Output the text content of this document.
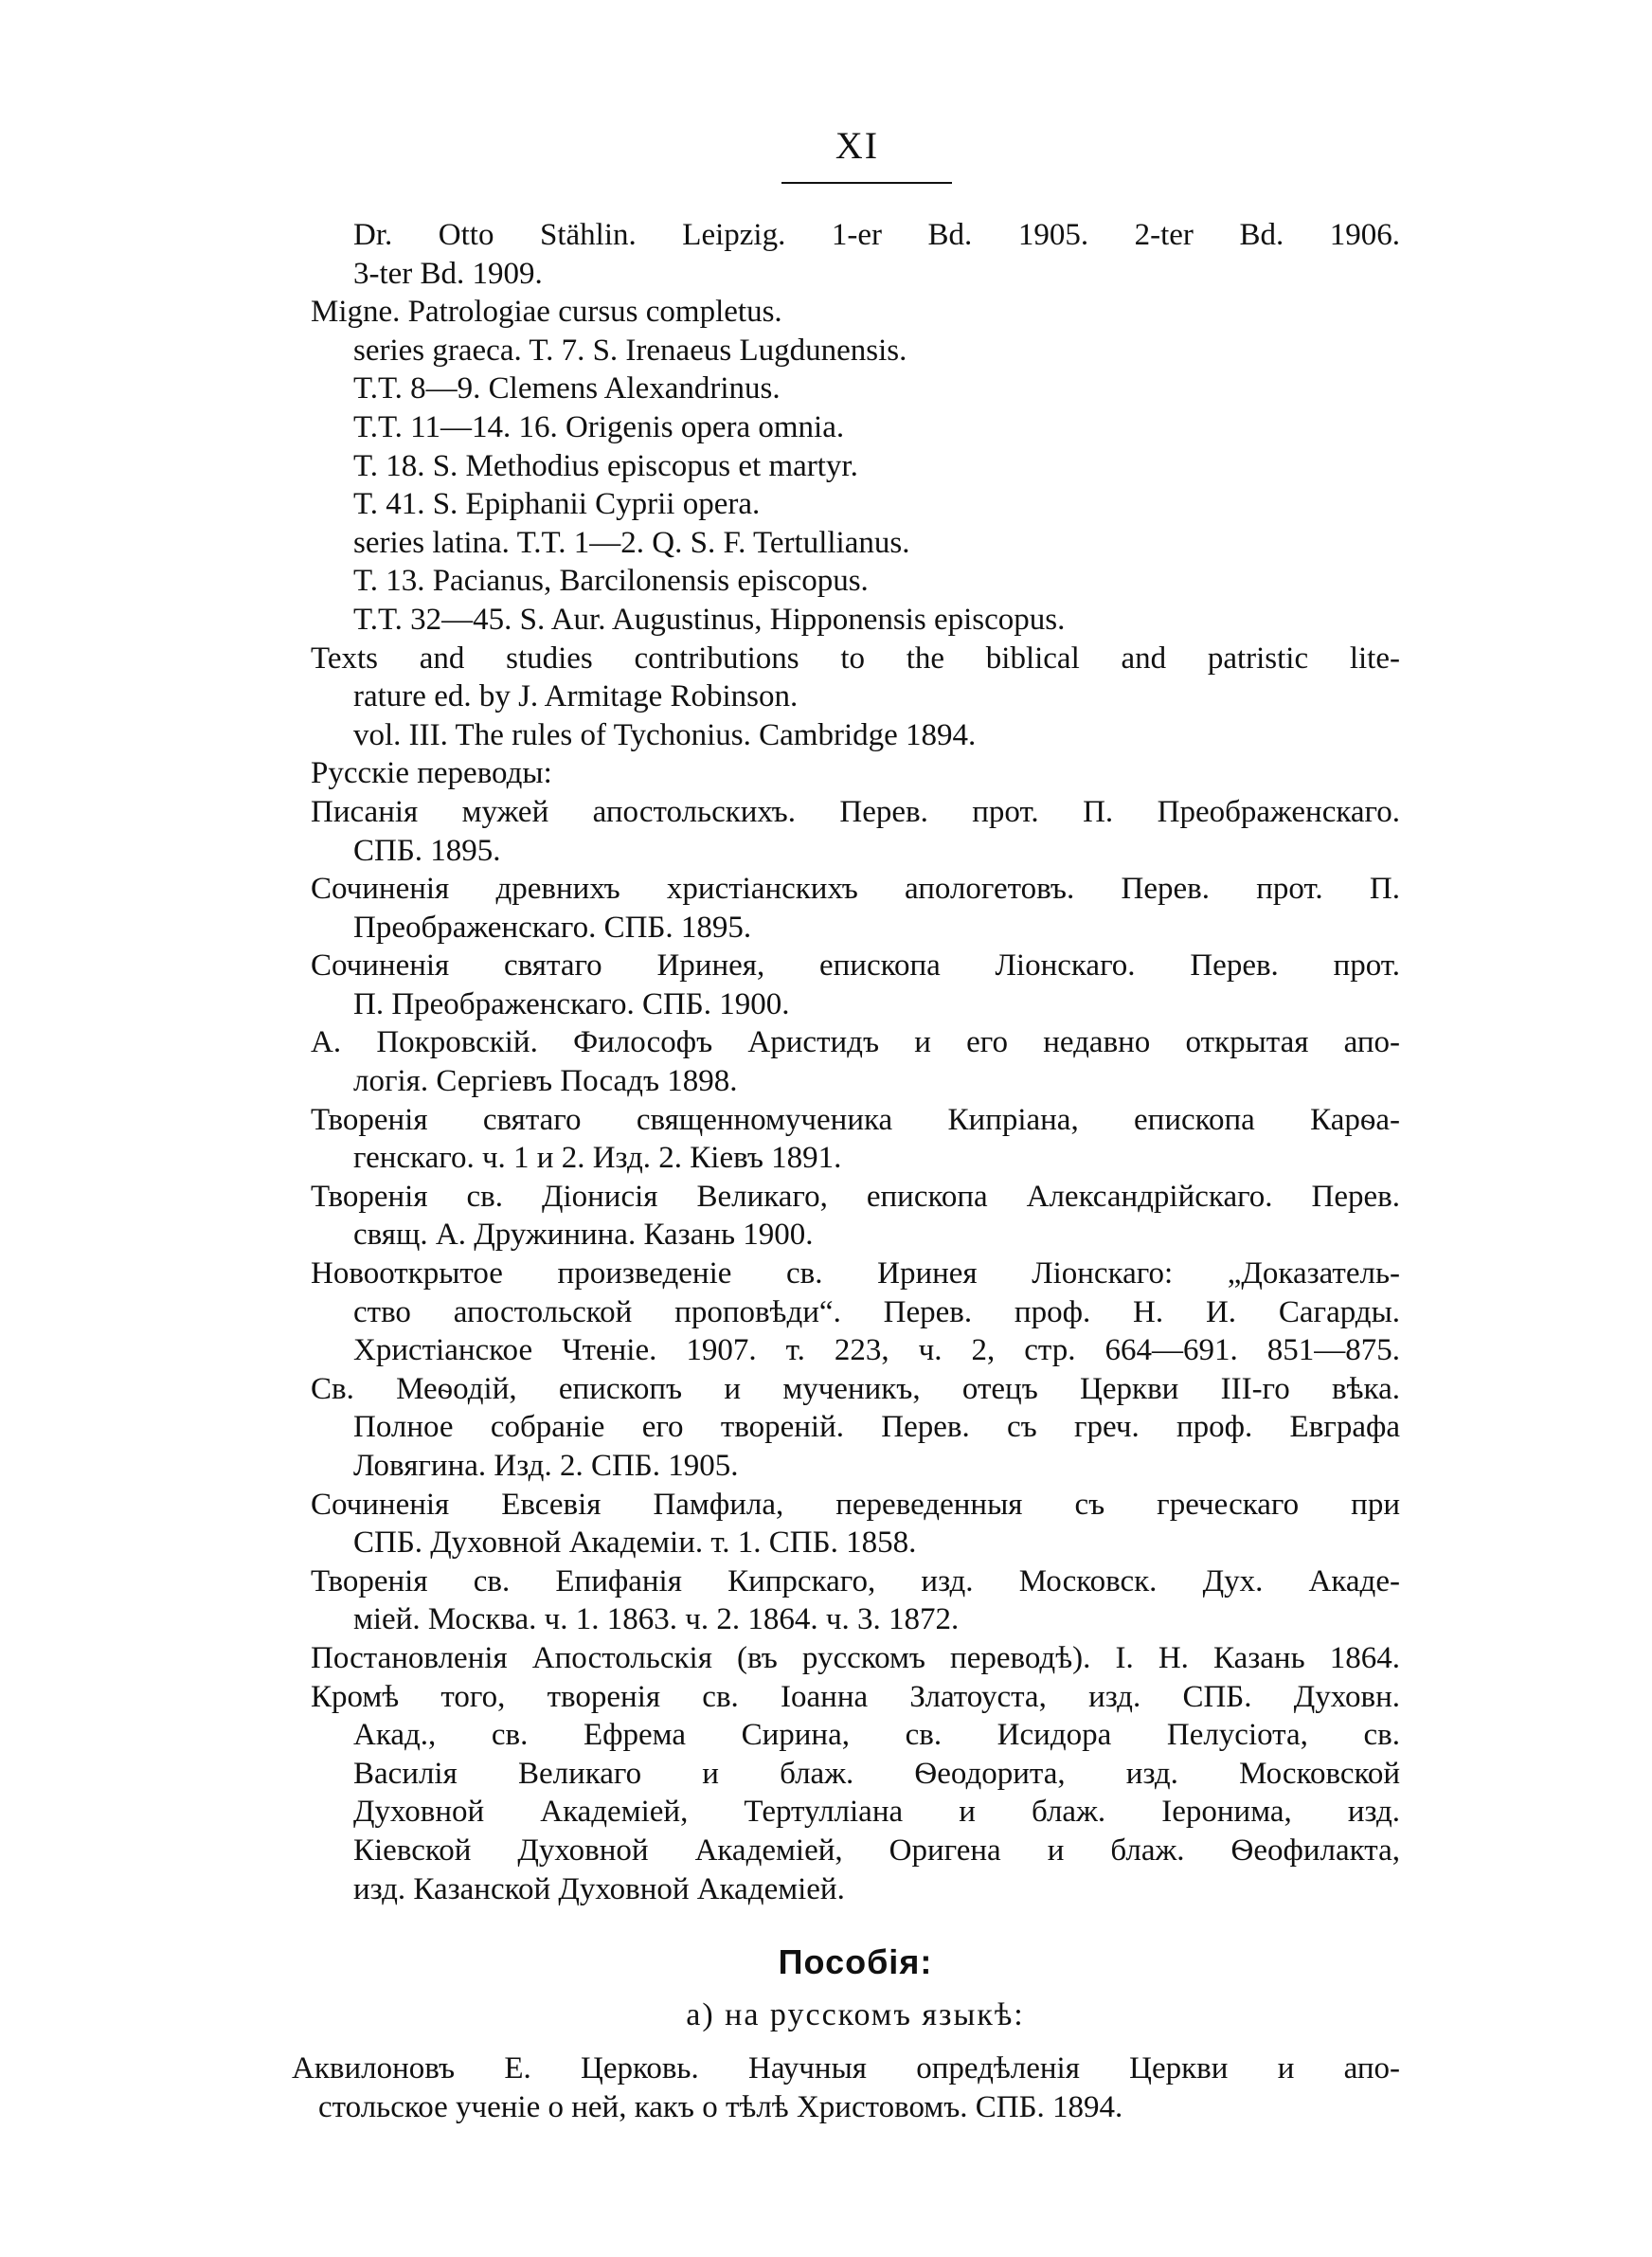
XI
Dr. Otto Stählin. Leipzig. 1-er Bd. 1905. 2-ter Bd. 1906.
3-ter Bd. 1909.
Migne. Patrologiae cursus completus.
series graeca. T. 7. S. Irenaeus Lugdunensis.
T.T. 8—9. Clemens Alexandrinus.
T.T. 11—14. 16. Origenis opera omnia.
T. 18. S. Methodius episcopus et martyr.
T. 41. S. Epiphanii Cyprii opera.
series latina. T.T. 1—2. Q. S. F. Tertullianus.
T. 13. Pacianus, Barcilonensis episcopus.
T.T. 32—45. S. Aur. Augustinus, Hipponensis episcopus.
Texts and studies contributions to the biblical and patristic lite-
rature ed. by J. Armitage Robinson.
vol. III. The rules of Tychonius. Cambridge 1894.
Русскіе переводы:
Писанія мужей апостольскихъ. Перев. прот. П. Преображенскаго.
СПБ. 1895.
Сочиненія древнихъ христіанскихъ апологетовъ. Перев. прот. П.
Преображенскаго. СПБ. 1895.
Сочиненія святаго Иринея, епископа Ліонскаго. Перев. прот.
П. Преображенскаго. СПБ. 1900.
А. Покровскій. Философъ Аристидъ и его недавно открытая апо-
логія. Сергіевъ Посадъ 1898.
Творенія святаго священномученика Кипріана, епископа Карѳа-
генскаго. ч. 1 и 2. Изд. 2. Кіевъ 1891.
Творенія св. Діонисія Великаго, епископа Александрійскаго. Перев.
свящ. А. Дружинина. Казань 1900.
Новооткрытое произведеніе св. Иринея Ліонскаго: „Доказатель-
ство апостольской проповѣди“. Перев. проф. Н. И. Сагарды.
Христіанское Чтеніе. 1907. т. 223, ч. 2, стр. 664—691. 851—875.
Св. Меѳодій, епископъ и мученикъ, отецъ Церкви III-го вѣка.
Полное собраніе его твореній. Перев. съ греч. проф. Евграфа
Ловягина. Изд. 2. СПБ. 1905.
Сочиненія Евсевія Памфила, переведенныя съ греческаго при
СПБ. Духовной Академіи. т. 1. СПБ. 1858.
Творенія св. Епифанія Кипрскаго, изд. Московск. Дух. Акаде-
міей. Москва. ч. 1. 1863. ч. 2. 1864. ч. 3. 1872.
Постановленія Апостольскія (въ русскомъ переводѣ). I. Н. Казань 1864.
Кромѣ того, творенія св. Іоанна Златоуста, изд. СПБ. Духовн.
Акад., св. Ефрема Сирина, св. Исидора Пелусіота, св.
Василія Великаго и блаж. Ѳеодорита, изд. Московской
Духовной Академіей, Тертулліана и блаж. Іеронима, изд.
Кіевской Духовной Академіей, Оригена и блаж. Ѳеофилакта,
изд. Казанской Духовной Академіей.
Пособія:
а) на русскомъ языкѣ:
Аквилоновъ Е. Церковь. Научныя опредѣленія Церкви и апо-
стольское ученіе о ней, какъ о тѣлѣ Христовомъ. СПБ. 1894.
